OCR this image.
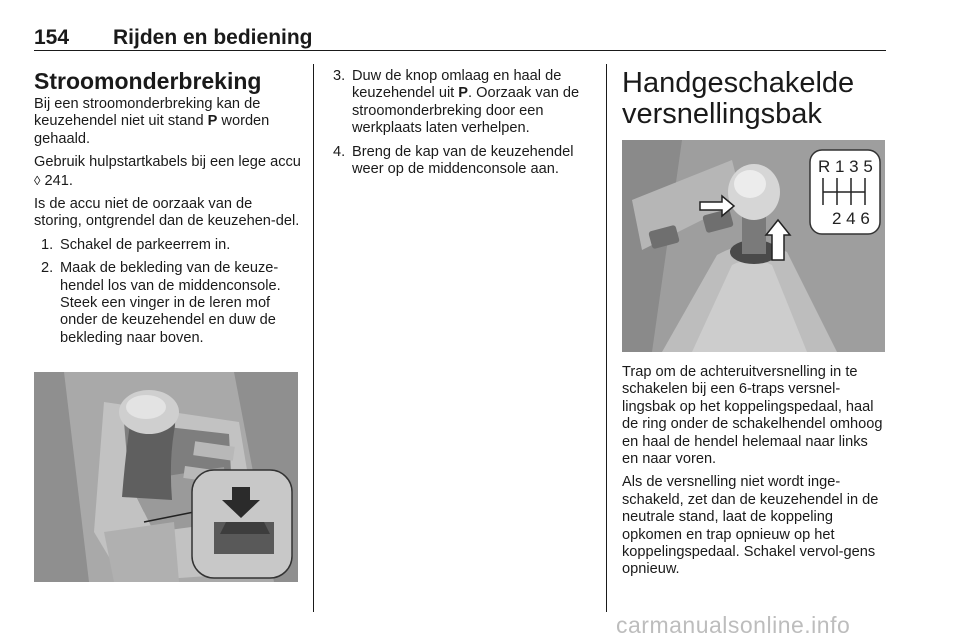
154 Rijden en bediening
Stroomonderbreking

Bij een stroomonderbreking kan de keuzehendel niet uit stand P worden gehaald.

Gebruik hulpstartkabels bij een lege accu ◊ 241.

Is de accu niet de oorzaak van de storing, ontgrendel dan de keuzehen-del.

1. Schakel de parkeerrem in.
2. Maak de bekleding van de keuze-hendel los van de middenconsole. Steek een vinger in de leren mof onder de keuzehendel en duw de bekleding naar boven.
3. Duw de knop omlaag en haal de keuzehendel uit P. Oorzaak van de stroomonderbreking door een werkplaats laten verhelpen.
4. Breng de kap van de keuzehendel weer op de middenconsole aan.
Handgeschakelde versnellingsbak
R 1 3 5
2 4 6

Trap om de achteruitversnelling in te schakelen bij een 6-traps versnel-lingsbak op het koppelingspedaal, haal de ring onder de schakelhendel omhoog en haal de hendel helemaal naar links en naar voren.

Als de versnelling niet wordt inge-schakeld, zet dan de keuzehendel in de neutrale stand, laat de koppeling opkomen en trap opnieuw op het koppelingspedaal. Schakel vervol-gens opnieuw.

carmanualsonline.info
